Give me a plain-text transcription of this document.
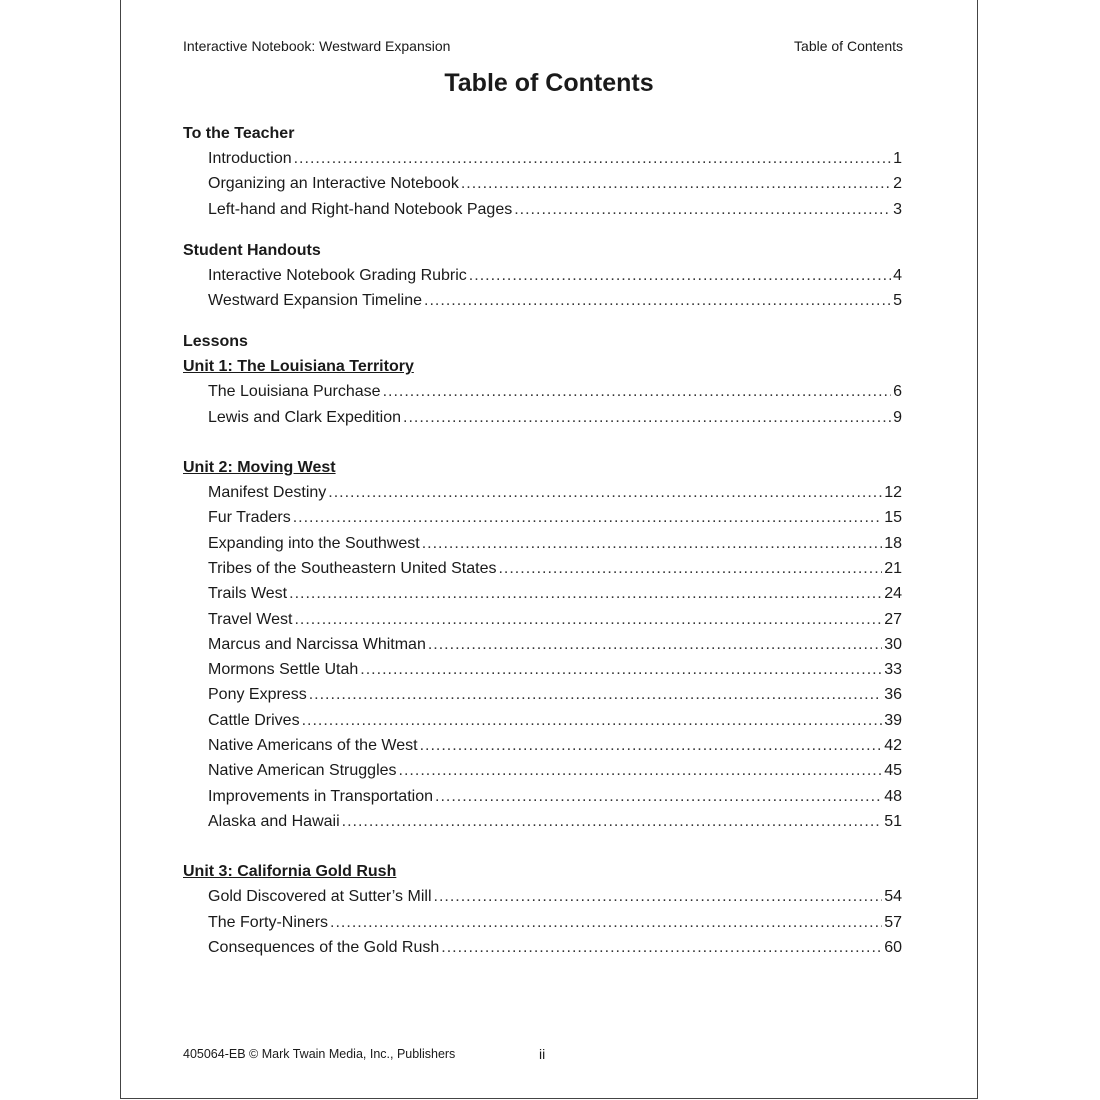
Interactive Notebook: Westward Expansion	Table of Contents
Table of Contents
To the Teacher
Introduction .....	1
Organizing an Interactive Notebook .....	2
Left-hand and Right-hand Notebook Pages .....	3
Student Handouts
Interactive Notebook Grading Rubric .....	4
Westward Expansion Timeline .....	5
Lessons
Unit 1: The Louisiana Territory
The Louisiana Purchase .....	6
Lewis and Clark Expedition .....	9
Unit 2: Moving West
Manifest Destiny .....	12
Fur Traders .....	15
Expanding into the Southwest .....	18
Tribes of the Southeastern United States .....	21
Trails West .....	24
Travel West .....	27
Marcus and Narcissa Whitman .....	30
Mormons Settle Utah .....	33
Pony Express .....	36
Cattle Drives .....	39
Native Americans of the West .....	42
Native American Struggles .....	45
Improvements in Transportation .....	48
Alaska and Hawaii .....	51
Unit 3: California Gold Rush
Gold Discovered at Sutter’s Mill .....	54
The Forty-Niners .....	57
Consequences of the Gold Rush .....	60
405064-EB © Mark Twain Media, Inc., Publishers	ii
